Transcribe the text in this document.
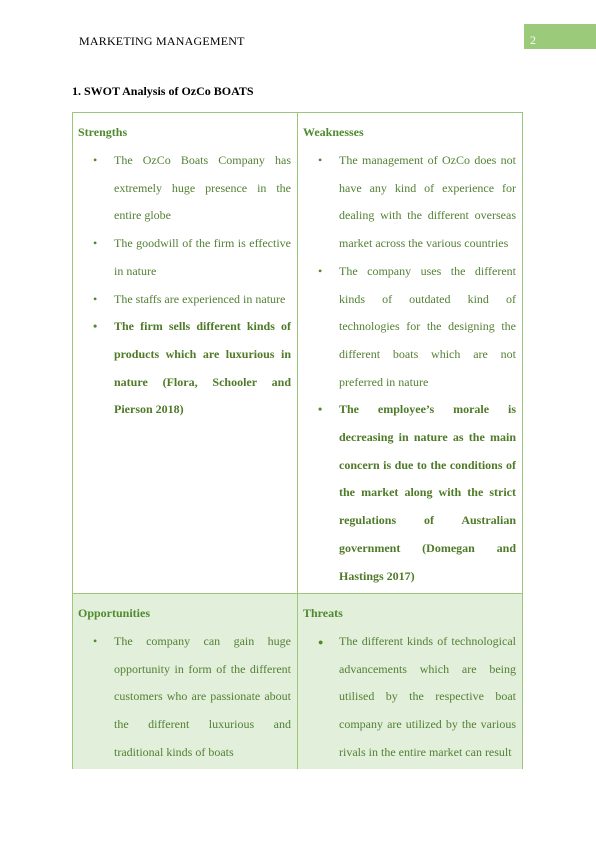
MARKETING MANAGEMENT	2
1. SWOT Analysis of OzCo BOATS
Strengths
• The OzCo Boats Company has extremely huge presence in the entire globe
• The goodwill of the firm is effective in nature
• The staffs are experienced in nature
• The firm sells different kinds of products which are luxurious in nature (Flora, Schooler and Pierson 2018)
Weaknesses
• The management of OzCo does not have any kind of experience for dealing with the different overseas market across the various countries
• The company uses the different kinds of outdated kind of technologies for the designing the different boats which are not preferred in nature
• The employee’s morale is decreasing in nature as the main concern is due to the conditions of the market along with the strict regulations of Australian government (Domegan and Hastings 2017)
Opportunities
• The company can gain huge opportunity in form of the different customers who are passionate about the different luxurious and traditional kinds of boats
Threats
● The different kinds of technological advancements which are being utilised by the respective boat company are utilized by the various rivals in the entire market can result
